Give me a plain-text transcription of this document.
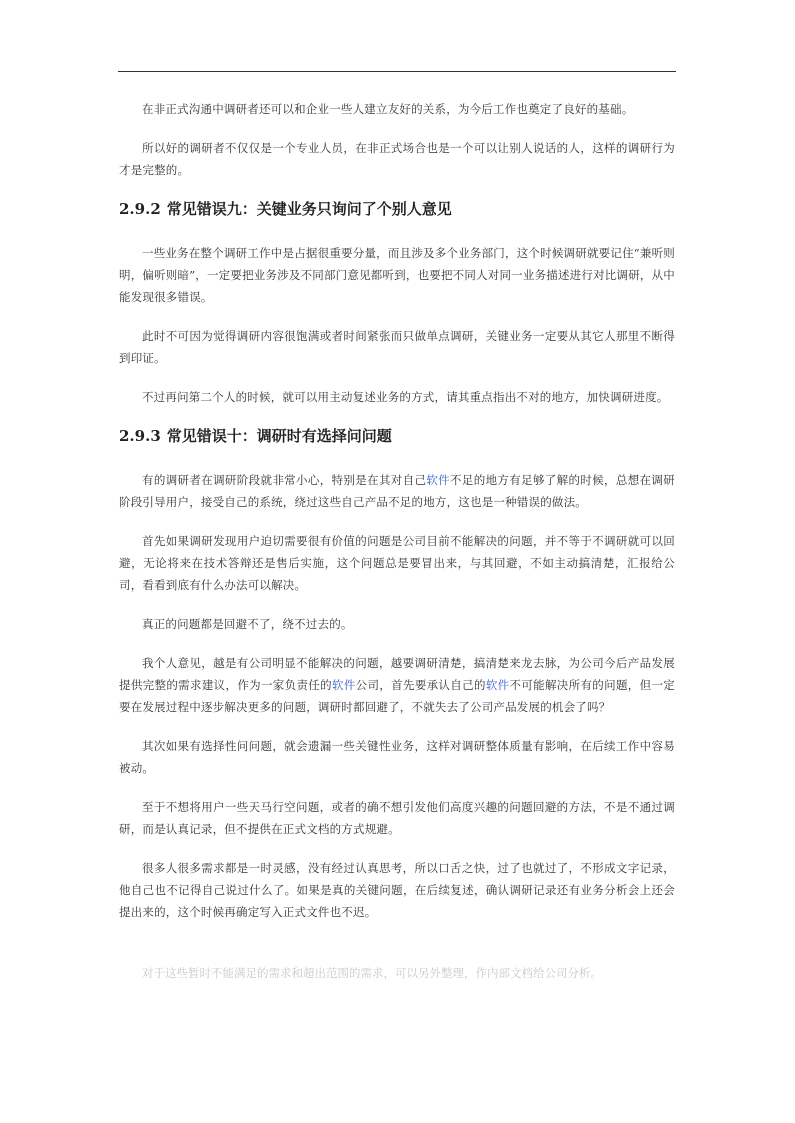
在非正式沟通中调研者还可以和企业一些人建立友好的关系，为今后工作也奠定了良好的基础。

所以好的调研者不仅仅是一个专业人员，在非正式场合也是一个可以让别人说话的人，这样的调研行为才是完整的。

2.9.2 常见错误九：关键业务只询问了个别人意见

一些业务在整个调研工作中是占据很重要分量，而且涉及多个业务部门，这个时候调研就要记住“兼听则明，偏听则暗”，一定要把业务涉及不同部门意见都听到，也要把不同人对同一业务描述进行对比调研，从中能发现很多错误。

此时不可因为觉得调研内容很饱满或者时间紧张而只做单点调研，关键业务一定要从其它人那里不断得到印证。

不过再问第二个人的时候，就可以用主动复述业务的方式，请其重点指出不对的地方，加快调研进度。

2.9.3 常见错误十：调研时有选择问问题

有的调研者在调研阶段就非常小心，特别是在其对自己软件不足的地方有足够了解的时候，总想在调研阶段引导用户，接受自己的系统，绕过这些自己产品不足的地方，这也是一种错误的做法。

首先如果调研发现用户迫切需要很有价值的问题是公司目前不能解决的问题，并不等于不调研就可以回避，无论将来在技术答辩还是售后实施，这个问题总是要冒出来，与其回避，不如主动搞清楚，汇报给公司，看看到底有什么办法可以解决。

真正的问题都是回避不了，绕不过去的。

我个人意见，越是有公司明显不能解决的问题，越要调研清楚，搞清楚来龙去脉，为公司今后产品发展提供完整的需求建议，作为一家负责任的软件公司，首先要承认自己的软件不可能解决所有的问题，但一定要在发展过程中逐步解决更多的问题，调研时都回避了，不就失去了公司产品发展的机会了吗？

其次如果有选择性问问题，就会遗漏一些关键性业务，这样对调研整体质量有影响，在后续工作中容易被动。

至于不想将用户一些天马行空问题，或者的确不想引发他们高度兴趣的问题回避的方法，不是不通过调研，而是认真记录，但不提供在正式文档的方式规避。

很多人很多需求都是一时灵感，没有经过认真思考，所以口舌之快，过了也就过了，不形成文字记录，他自己也不记得自己说过什么了。如果是真的关键问题，在后续复述，确认调研记录还有业务分析会上还会提出来的，这个时候再确定写入正式文件也不迟。

对于这些暂时不能满足的需求和超出范围的需求，可以另外整理，作内部文档给公司分析。
